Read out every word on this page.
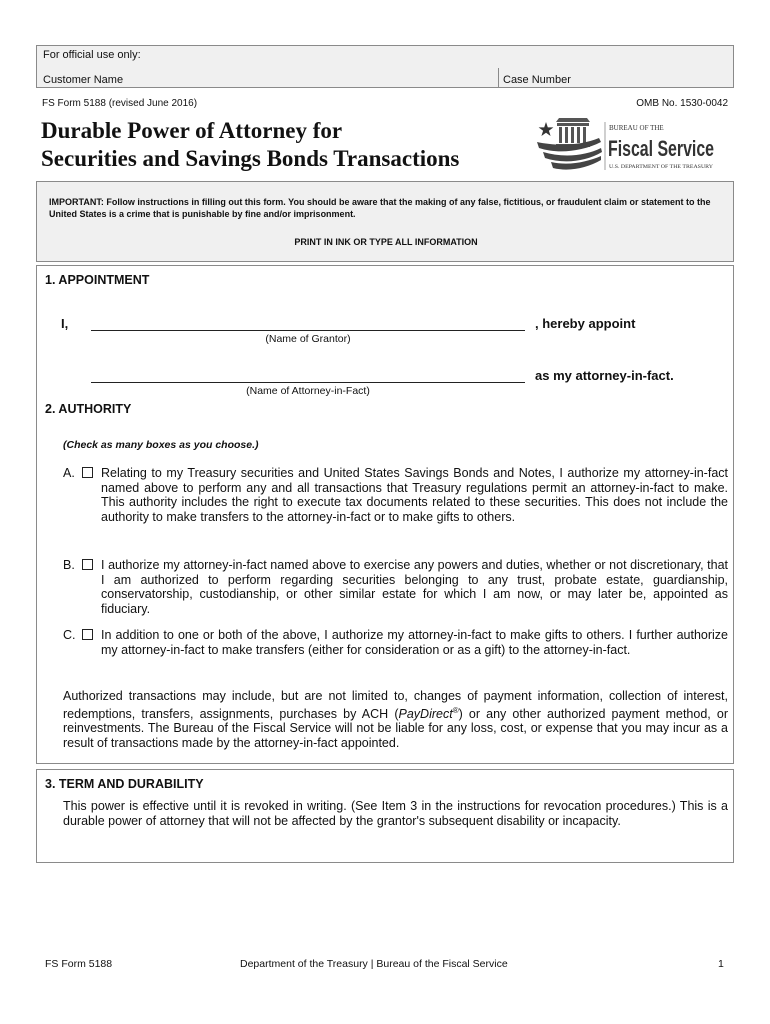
For official use only:
Customer Name	Case Number
FS Form 5188 (revised June 2016)	OMB No. 1530-0042
Durable Power of Attorney for
Securities and Savings Bonds Transactions
BUREAU OF THE
Fiscal Service
U.S. DEPARTMENT OF THE TREASURY
IMPORTANT: Follow instructions in filling out this form. You should be aware that the making of any false, fictitious, or fraudulent claim or statement to the United States is a crime that is punishable by fine and/or imprisonment.
PRINT IN INK OR TYPE ALL INFORMATION
1. APPOINTMENT
I,	, hereby appoint
(Name of Grantor)
as my attorney-in-fact.
(Name of Attorney-in-Fact)
2. AUTHORITY
(Check as many boxes as you choose.)
A. Relating to my Treasury securities and United States Savings Bonds and Notes, I authorize my attorney-in-fact named above to perform any and all transactions that Treasury regulations permit an attorney-in-fact to make. This authority includes the right to execute tax documents related to these securities. This does not include the authority to make transfers to the attorney-in-fact or to make gifts to others.
B. I authorize my attorney-in-fact named above to exercise any powers and duties, whether or not discretionary, that I am authorized to perform regarding securities belonging to any trust, probate estate, guardianship, conservatorship, custodianship, or other similar estate for which I am now, or may later be, appointed as fiduciary.
C. In addition to one or both of the above, I authorize my attorney-in-fact to make gifts to others. I further authorize my attorney-in-fact to make transfers (either for consideration or as a gift) to the attorney-in-fact.
Authorized transactions may include, but are not limited to, changes of payment information, collection of interest, redemptions, transfers, assignments, purchases by ACH (PayDirect®) or any other authorized payment method, or reinvestments. The Bureau of the Fiscal Service will not be liable for any loss, cost, or expense that you may incur as a result of transactions made by the attorney-in-fact appointed.
3. TERM AND DURABILITY
This power is effective until it is revoked in writing. (See Item 3 in the instructions for revocation procedures.) This is a durable power of attorney that will not be affected by the grantor's subsequent disability or incapacity.
FS Form 5188	Department of the Treasury | Bureau of the Fiscal Service	1
